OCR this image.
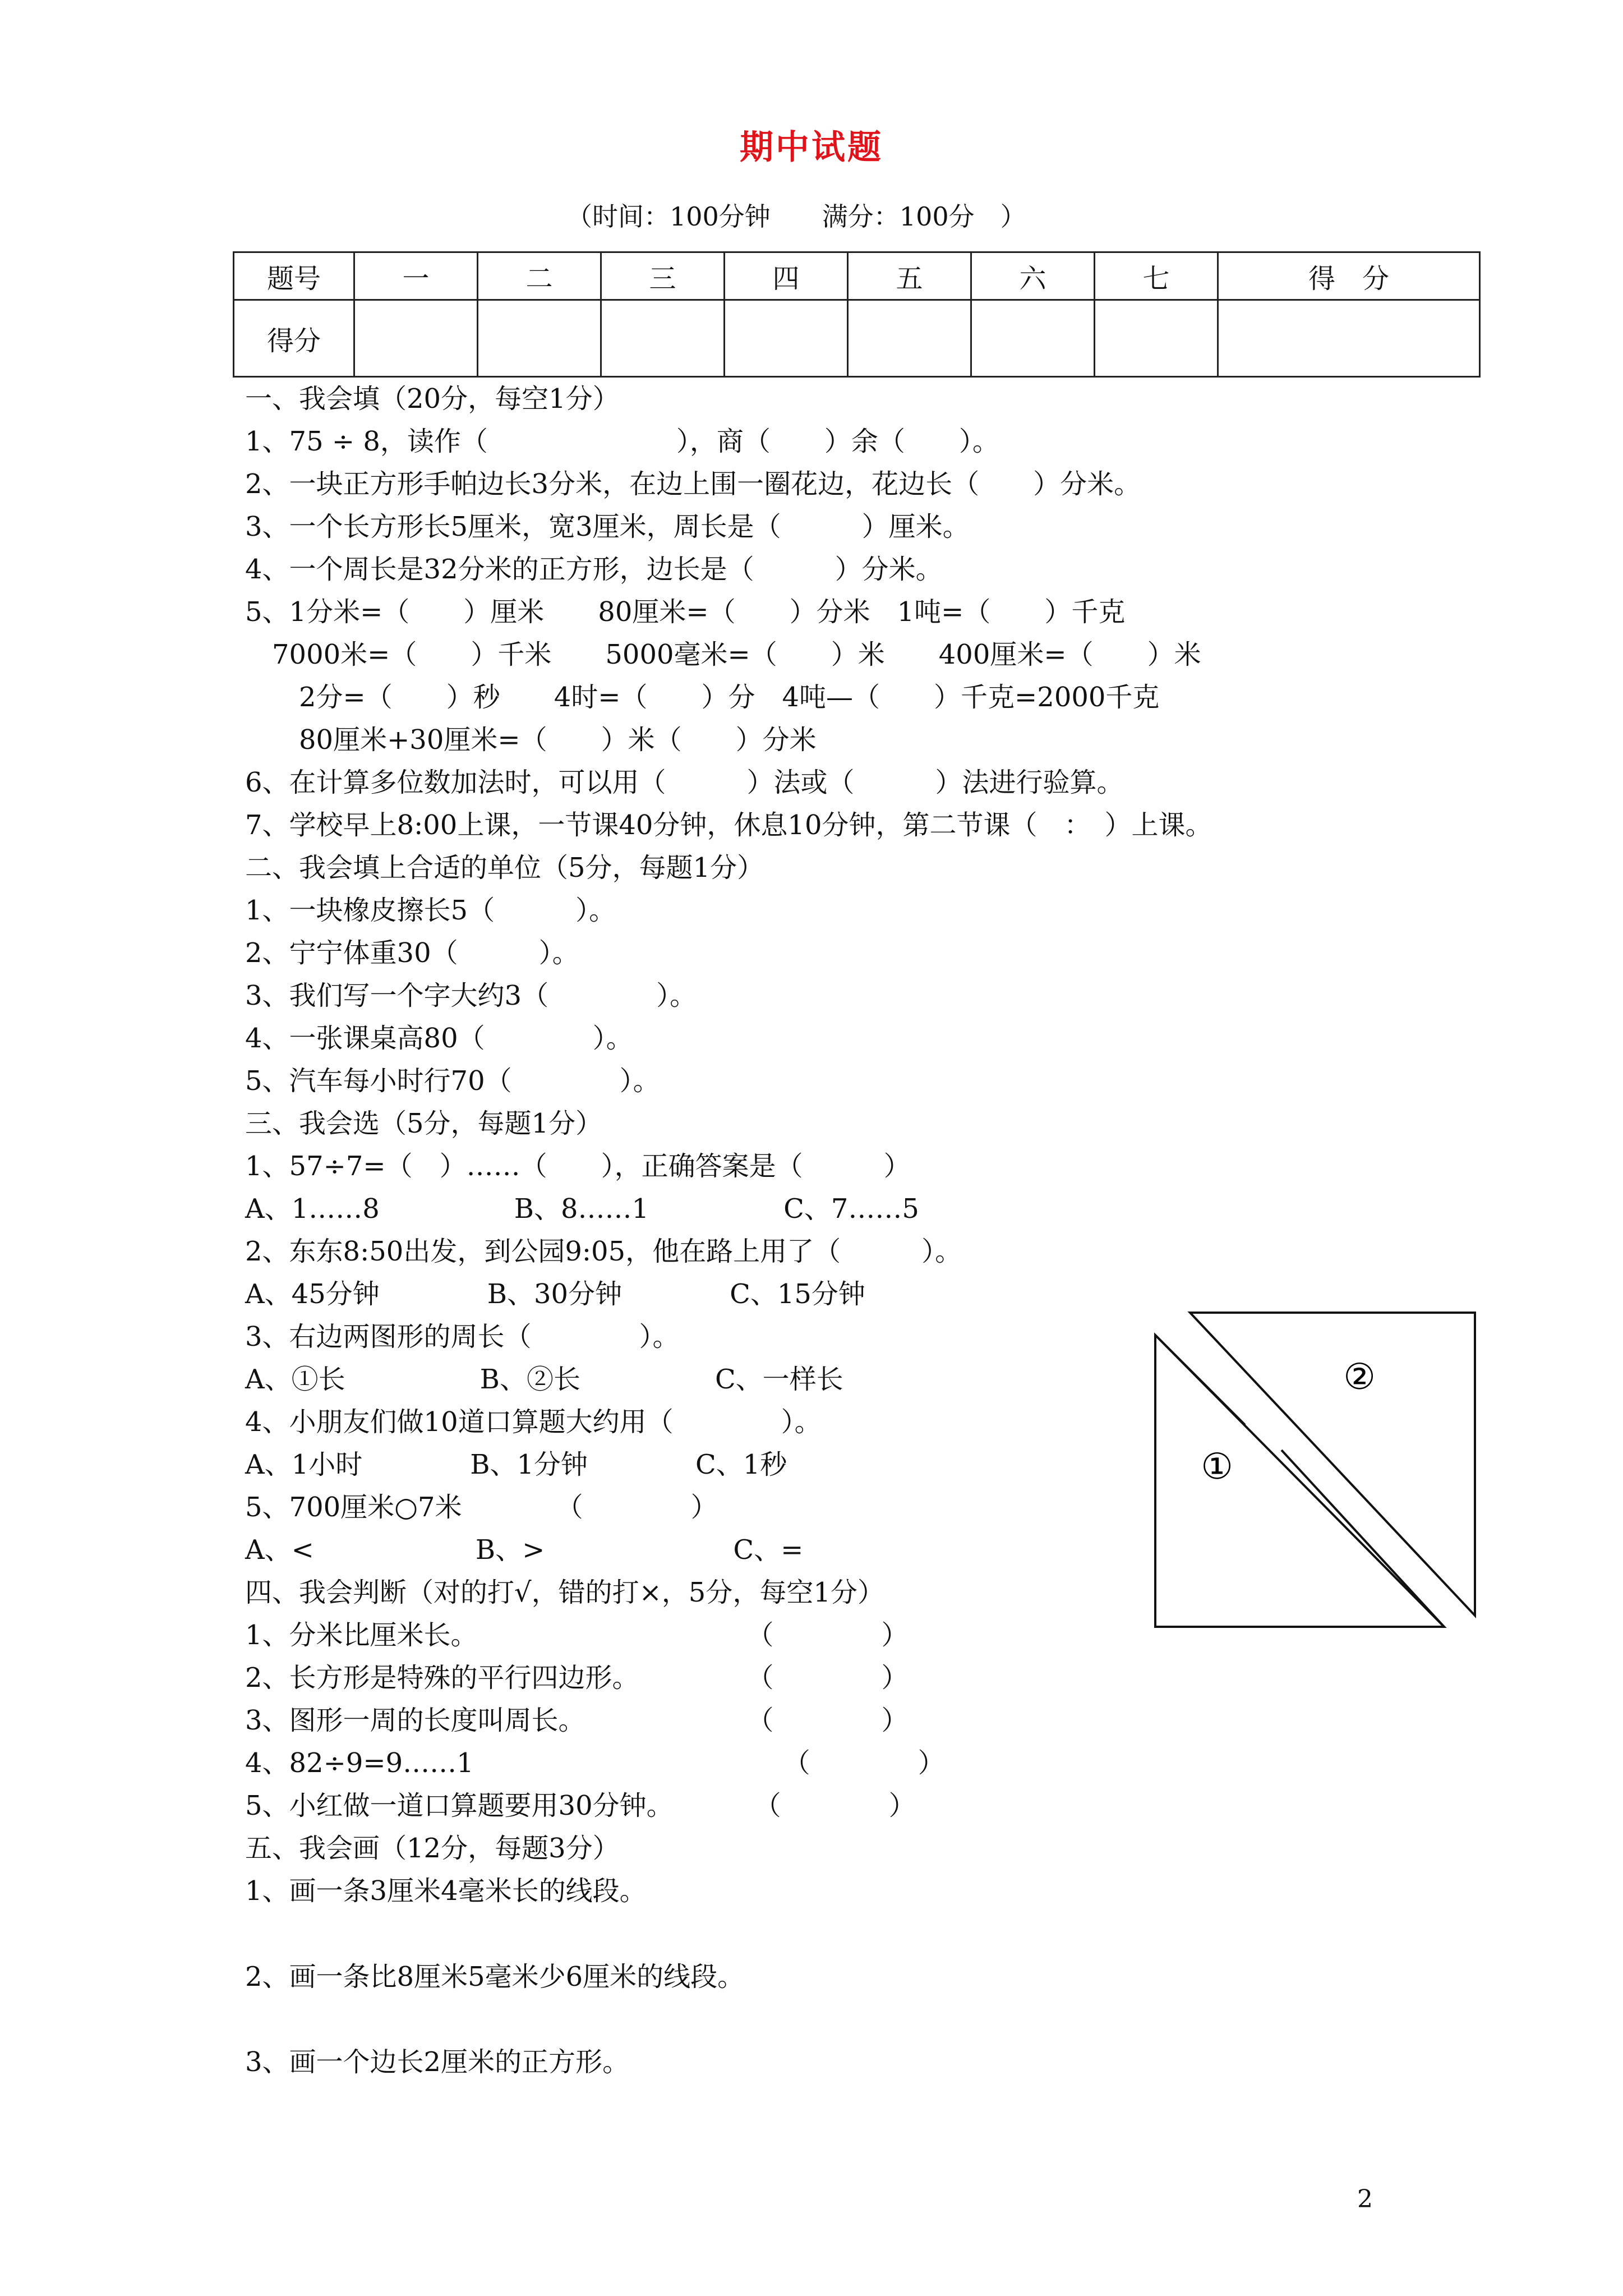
期中试题
（时间：100分钟　　满分：100分　）
题号	一	二	三	四	五	六	七	得　分
得分								
一、我会填（20分，每空1分）
1、75 ÷ 8，读作（　　　　　　　），商（　　）余（　　）。
2、一块正方形手帕边长3分米，在边上围一圈花边，花边长（　　）分米。
3、一个长方形长5厘米，宽3厘米，周长是（　　　）厘米。
4、一个周长是32分米的正方形，边长是（　　　）分米。
5、1分米=（　　）厘米　　80厘米=（　　）分米　1吨=（　　）千克
　7000米=（　　）千米　　5000毫米=（　　）米　　400厘米=（　　）米
　　2分=（　　）秒　　4时=（　　）分　4吨—（　　）千克=2000千克
　　80厘米+30厘米=（　　）米（　　）分米
6、在计算多位数加法时，可以用（　　　）法或（　　　）法进行验算。
7、学校早上8:00上课，一节课40分钟，休息10分钟，第二节课（　：　）上课。
二、我会填上合适的单位（5分，每题1分）
1、一块橡皮擦长5（　　　）。
2、宁宁体重30（　　　）。
3、我们写一个字大约3（　　　　）。
4、一张课桌高80（　　　　）。
5、汽车每小时行70（　　　　）。
三、我会选（5分，每题1分）
1、57÷7=（　）……（　　），正确答案是（　　　）
A、1……8　　　　　B、8……1　　　　　C、7……5
2、东东8:50出发，到公园9:05，他在路上用了（　　　）。
A、45分钟　　　　B、30分钟　　　　C、15分钟
3、右边两图形的周长（　　　　）。
A、①长　　　　　B、②长　　　　　C、一样长
4、小朋友们做10道口算题大约用（　　　　）。
A、1小时　　　　B、1分钟　　　　C、1秒
5、700厘米○7米　　　　（　　　　）
A、<　　　　　　B、>　　　　　　　C、=
四、我会判断（对的打√，错的打×，5分，每空1分）
1、分米比厘米长。　　　　　　　　　　　（　　　　）
2、长方形是特殊的平行四边形。　　　　　（　　　　）
3、图形一周的长度叫周长。　　　　　　　（　　　　）
4、82÷9=9……1　　　　　　　　　　　　（　　　　）
5、小红做一道口算题要用30分钟。　　　　（　　　　）
五、我会画（12分，每题3分）
1、画一条3厘米4毫米长的线段。
2、画一条比8厘米5毫米少6厘米的线段。
3、画一个边长2厘米的正方形。
①
②
2
